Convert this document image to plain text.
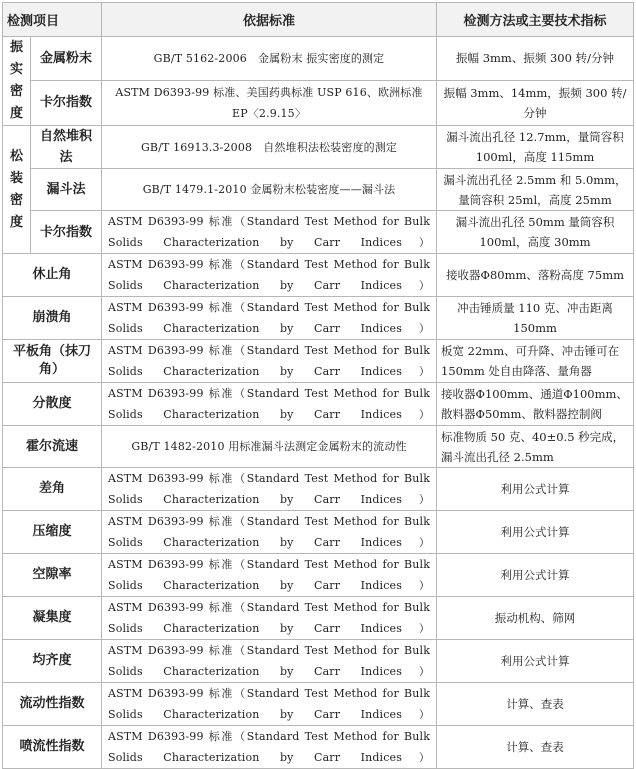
检测项目		依据标准	检测方法或主要技术指标
振实密度	金属粉末	GB/T 5162-2006　金属粉末 振实密度的测定	振幅 3mm、振频 300 转/分钟
	卡尔指数	ASTM D6393-99 标准、美国药典标准 USP 616、欧洲标准 EP〈2.9.15〉	振幅 3mm、14mm，振频 300 转/分钟
松装密度	自然堆积法	GB/T 16913.3-2008　自然堆积法松装密度的测定	漏斗流出孔径 12.7mm，量筒容积 100ml，高度 115mm
	漏斗法	GB/T 1479.1-2010 金属粉末松装密度——漏斗法	漏斗流出孔径 2.5mm 和 5.0mm，量筒容积 25ml，高度 25mm
	卡尔指数	ASTM D6393-99 标准（Standard Test Method for Bulk Solids Characterization by Carr Indices）	漏斗流出孔径 50mm 量筒容积 100ml，高度 30mm
休止角		ASTM D6393-99 标准（Standard Test Method for Bulk Solids Characterization by Carr Indices）	接收器Φ80mm、落粉高度 75mm
崩溃角		ASTM D6393-99 标准（Standard Test Method for Bulk Solids Characterization by Carr Indices）	冲击锤质量 110 克、冲击距离 150mm
平板角（抹刀角）		ASTM D6393-99 标准（Standard Test Method for Bulk Solids Characterization by Carr Indices）	板宽 22mm、可升降、冲击锤可在 150mm 处自由降落、量角器
分散度		ASTM D6393-99 标准（Standard Test Method for Bulk Solids Characterization by Carr Indices）	接收器Φ100mm、通道Φ100mm、散料器Φ50mm、散料器控制阀
霍尔流速		GB/T 1482-2010 用标准漏斗法测定金属粉末的流动性	标准物质 50 克、40±0.5 秒完成，漏斗流出孔径 2.5mm
差角		ASTM D6393-99 标准（Standard Test Method for Bulk Solids Characterization by Carr Indices）	利用公式计算
压缩度		ASTM D6393-99 标准（Standard Test Method for Bulk Solids Characterization by Carr Indices）	利用公式计算
空隙率		ASTM D6393-99 标准（Standard Test Method for Bulk Solids Characterization by Carr Indices）	利用公式计算
凝集度		ASTM D6393-99 标准（Standard Test Method for Bulk Solids Characterization by Carr Indices）	振动机构、筛网
均齐度		ASTM D6393-99 标准（Standard Test Method for Bulk Solids Characterization by Carr Indices）	利用公式计算
流动性指数		ASTM D6393-99 标准（Standard Test Method for Bulk Solids Characterization by Carr Indices）	计算、查表
喷流性指数		ASTM D6393-99 标准（Standard Test Method for Bulk Solids Characterization by Carr Indices）	计算、查表
